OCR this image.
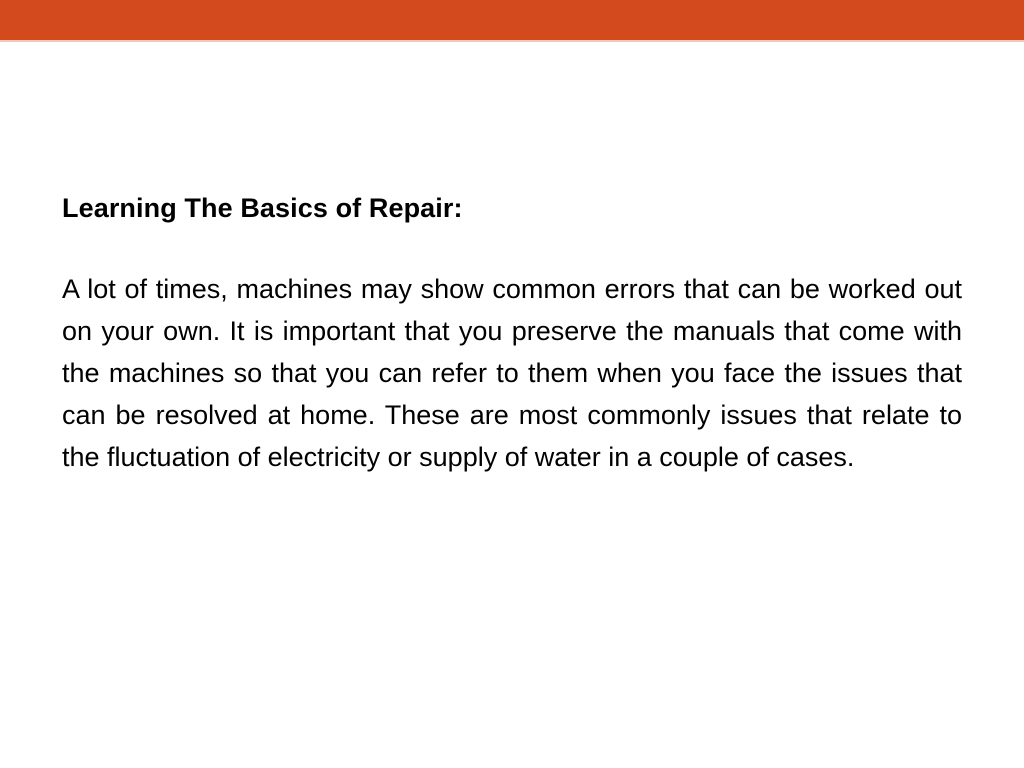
Learning The Basics of Repair:

A lot of times, machines may show common errors that can be worked out on your own. It is important that you preserve the manuals that come with the machines so that you can refer to them when you face the issues that can be resolved at home. These are most commonly issues that relate to the fluctuation of electricity or supply of water in a couple of cases.
